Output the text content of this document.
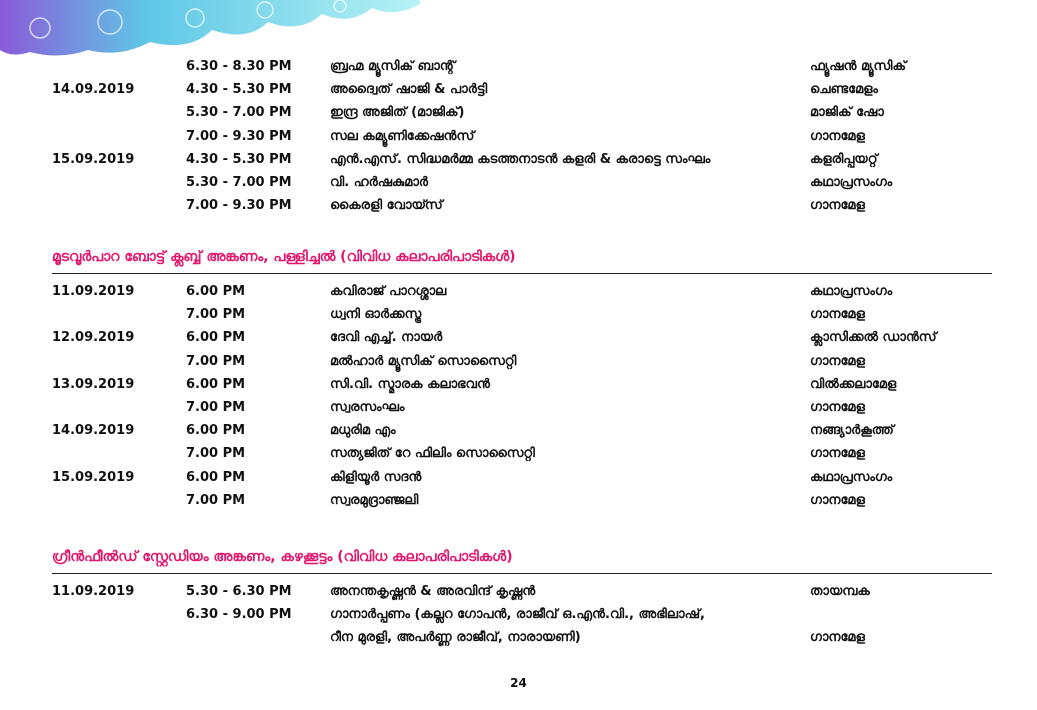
6.30 - 8.30 PM	ബ്രഹ്മ മ്യൂസിക് ബാന്റ്	ഫ്യൂഷൻ മ്യൂസിക്
14.09.2019	4.30 - 5.30 PM	അദ്വൈത് ഷാജി & പാർട്ടി	ചെണ്ടമേളം
5.30 - 7.00 PM	ഇന്ദ്ര അജിത് (മാജിക്)	മാജിക് ഷോ
7.00 - 9.30 PM	സല കമ്യൂണിക്കേഷൻസ്	ഗാനമേള
15.09.2019	4.30 - 5.30 PM	എൻ.എസ്. സിദ്ധമർമ്മ കടത്തനാടൻ കളരി & കരാട്ടെ സംഘം	കളരിപ്പയറ്റ്
5.30 - 7.00 PM	വി. ഹർഷകുമാർ	കഥാപ്രസംഗം
7.00 - 9.30 PM	കൈരളി വോയ്സ്	ഗാനമേള
മൂടവൂർപാറ ബോട്ട് ക്ലബ്ബ് അങ്കണം, പള്ളിച്ചൽ (വിവിധ കലാപരിപാടികൾ)
11.09.2019	6.00 PM	കവിരാജ് പാറശ്ശാല	കഥാപ്രസംഗം
7.00 PM	ധ്വനി ഓർക്കസ്ട്ര	ഗാനമേള
12.09.2019	6.00 PM	ദേവി എച്ച്. നായർ	ക്ലാസിക്കൽ ഡാൻസ്
7.00 PM	മൽഹാർ മ്യൂസിക് സൊസൈറ്റി	ഗാനമേള
13.09.2019	6.00 PM	സി.വി. സ്മാരക കലാഭവൻ	വിൽക്കലാമേള
7.00 PM	സ്വരസംഘം	ഗാനമേള
14.09.2019	6.00 PM	മധുരിമ എം	നങ്ങ്യാർകൂത്ത്
7.00 PM	സത്യജിത് റേ ഫിലിം സൊസൈറ്റി	ഗാനമേള
15.09.2019	6.00 PM	കിളിയൂർ സദൻ	കഥാപ്രസംഗം
7.00 PM	സ്വരമുദ്രാഞ്ജലി	ഗാനമേള
ഗ്രീൻഫീൽഡ് സ്റ്റേഡിയം അങ്കണം, കഴക്കൂട്ടം (വിവിധ കലാപരിപാടികൾ)
11.09.2019	5.30 - 6.30 PM	അനന്തകൃഷ്ണൻ & അരവിന്ദ് കൃഷ്ണൻ	തായമ്പക
6.30 - 9.00 PM	ഗാനാർപ്പണം (കല്ലറ ഗോപൻ, രാജീവ് ഒ.എൻ.വി., അഭിലാഷ്,
റീന മുരളി, അപർണ്ണ രാജീവ്, നാരായണി)	ഗാനമേള
24
